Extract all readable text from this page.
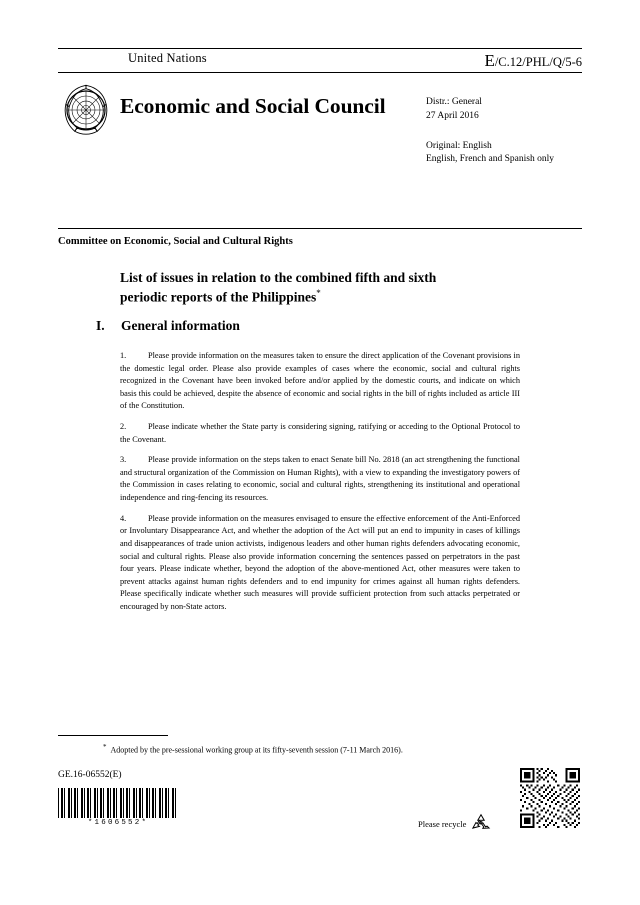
United Nations	E/C.12/PHL/Q/5-6
Economic and Social Council	Distr.: General
27 April 2016
Original: English
English, French and Spanish only
Committee on Economic, Social and Cultural Rights
List of issues in relation to the combined fifth and sixth
periodic reports of the Philippines*
I. General information
1.	Please provide information on the measures taken to ensure the direct application of the Covenant provisions in the domestic legal order. Please also provide examples of cases where the economic, social and cultural rights recognized in the Covenant have been invoked before and/or applied by the domestic courts, and indicate on which basis this could be achieved, despite the absence of economic and social rights in the bill of rights included as article III of the Constitution.
2.	Please indicate whether the State party is considering signing, ratifying or acceding to the Optional Protocol to the Covenant.
3.	Please provide information on the steps taken to enact Senate bill No. 2818 (an act strengthening the functional and structural organization of the Commission on Human Rights), with a view to expanding the investigatory powers of the Commission in cases relating to economic, social and cultural rights, strengthening its institutional and operational independence and ring-fencing its resources.
4.	Please provide information on the measures envisaged to ensure the effective enforcement of the Anti-Enforced or Involuntary Disappearance Act, and whether the adoption of the Act will put an end to impunity in cases of killings and disappearances of trade union activists, indigenous leaders and other human rights defenders advocating economic, social and cultural rights. Please also provide information concerning the sentences passed on perpetrators in the past four years. Please indicate whether, beyond the adoption of the above-mentioned Act, other measures were taken to prevent attacks against human rights defenders and to end impunity for crimes against all human rights defenders. Please specifically indicate whether such measures will provide sufficient protection from such attacks perpetrated or encouraged by non-State actors.
* Adopted by the pre-sessional working group at its fifty-seventh session (7-11 March 2016).
GE.16-06552(E)
*1606552*	Please recycle
